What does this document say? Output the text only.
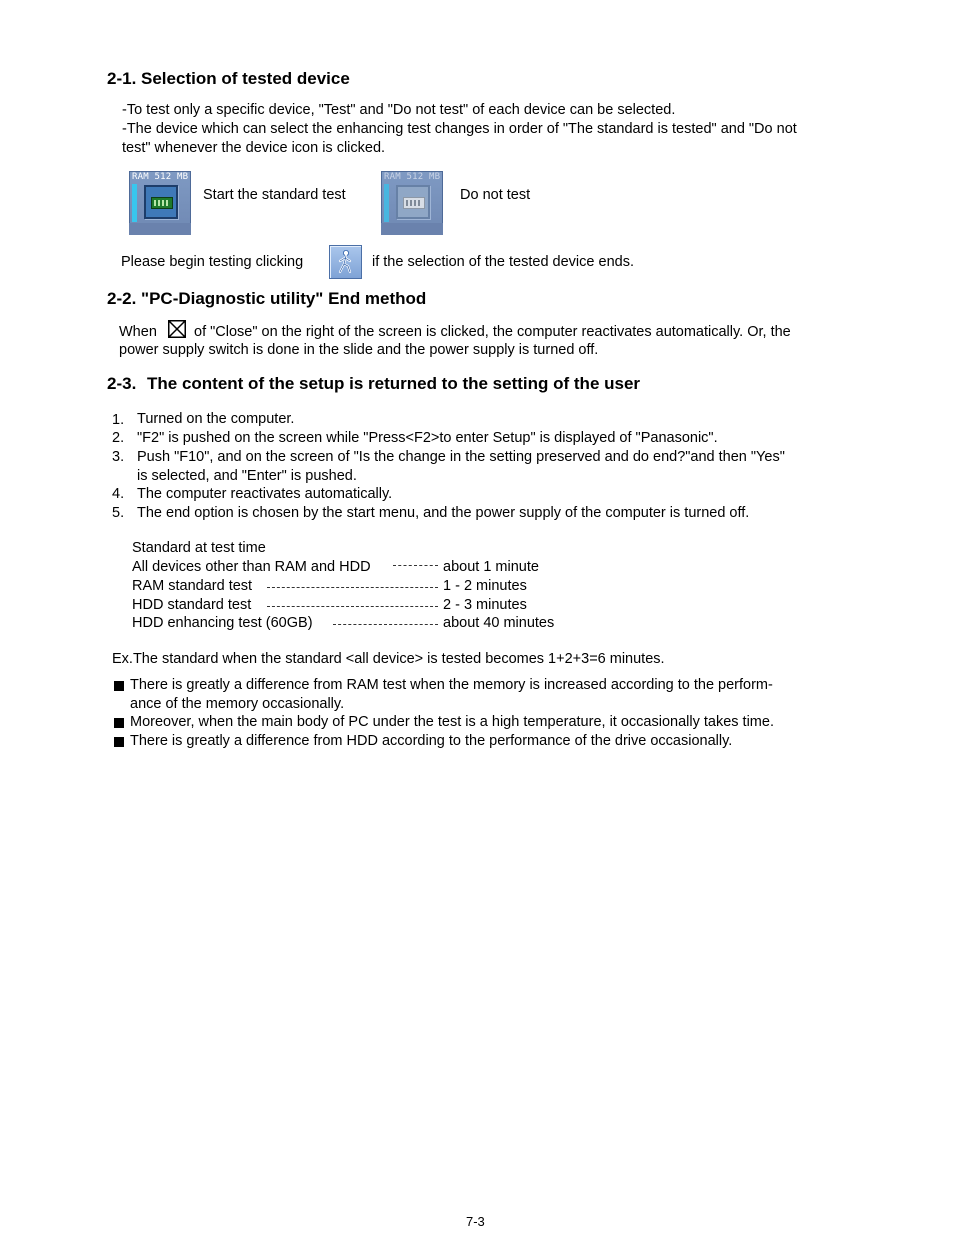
2-1. Selection of tested device
-To test only a specific device, "Test" and "Do not test" of each device can be selected.
-The device which can select the enhancing test changes in order of "The standard is tested" and "Do not
test" whenever the device icon is clicked.
RAM 512 MB
Start the standard test
RAM 512 MB
Do not test
Please begin testing clicking	if the selection of the tested device ends.
2-2. "PC-Diagnostic utility" End method
When	of "Close" on the right of the screen is clicked, the computer reactivates automatically. Or, the
power supply switch is done in the slide and the power supply is turned off.
2-3. The content of the setup is returned to the setting of the user
1. Turned on the computer.
2. "F2" is pushed on the screen while "Press<F2>to enter Setup" is displayed of "Panasonic".
3. Push "F10", and on the screen of "Is the change in the setting preserved and do end?"and then "Yes"
is selected, and "Enter" is pushed.
4. The computer reactivates automatically.
5. The end option is chosen by the start menu, and the power supply of the computer is turned off.
Standard at test time
All devices other than RAM and HDD	about 1 minute
RAM standard test	1 - 2 minutes
HDD standard test	2 - 3 minutes
HDD enhancing test (60GB)	about 40 minutes
Ex.The standard when the standard <all device> is tested becomes 1+2+3=6 minutes.
There is greatly a difference from RAM test when the memory is increased according to the perform-
ance of the memory occasionally.
Moreover, when the main body of PC under the test is a high temperature, it occasionally takes time.
There is greatly a difference from HDD according to the performance of the drive occasionally.
7-3
